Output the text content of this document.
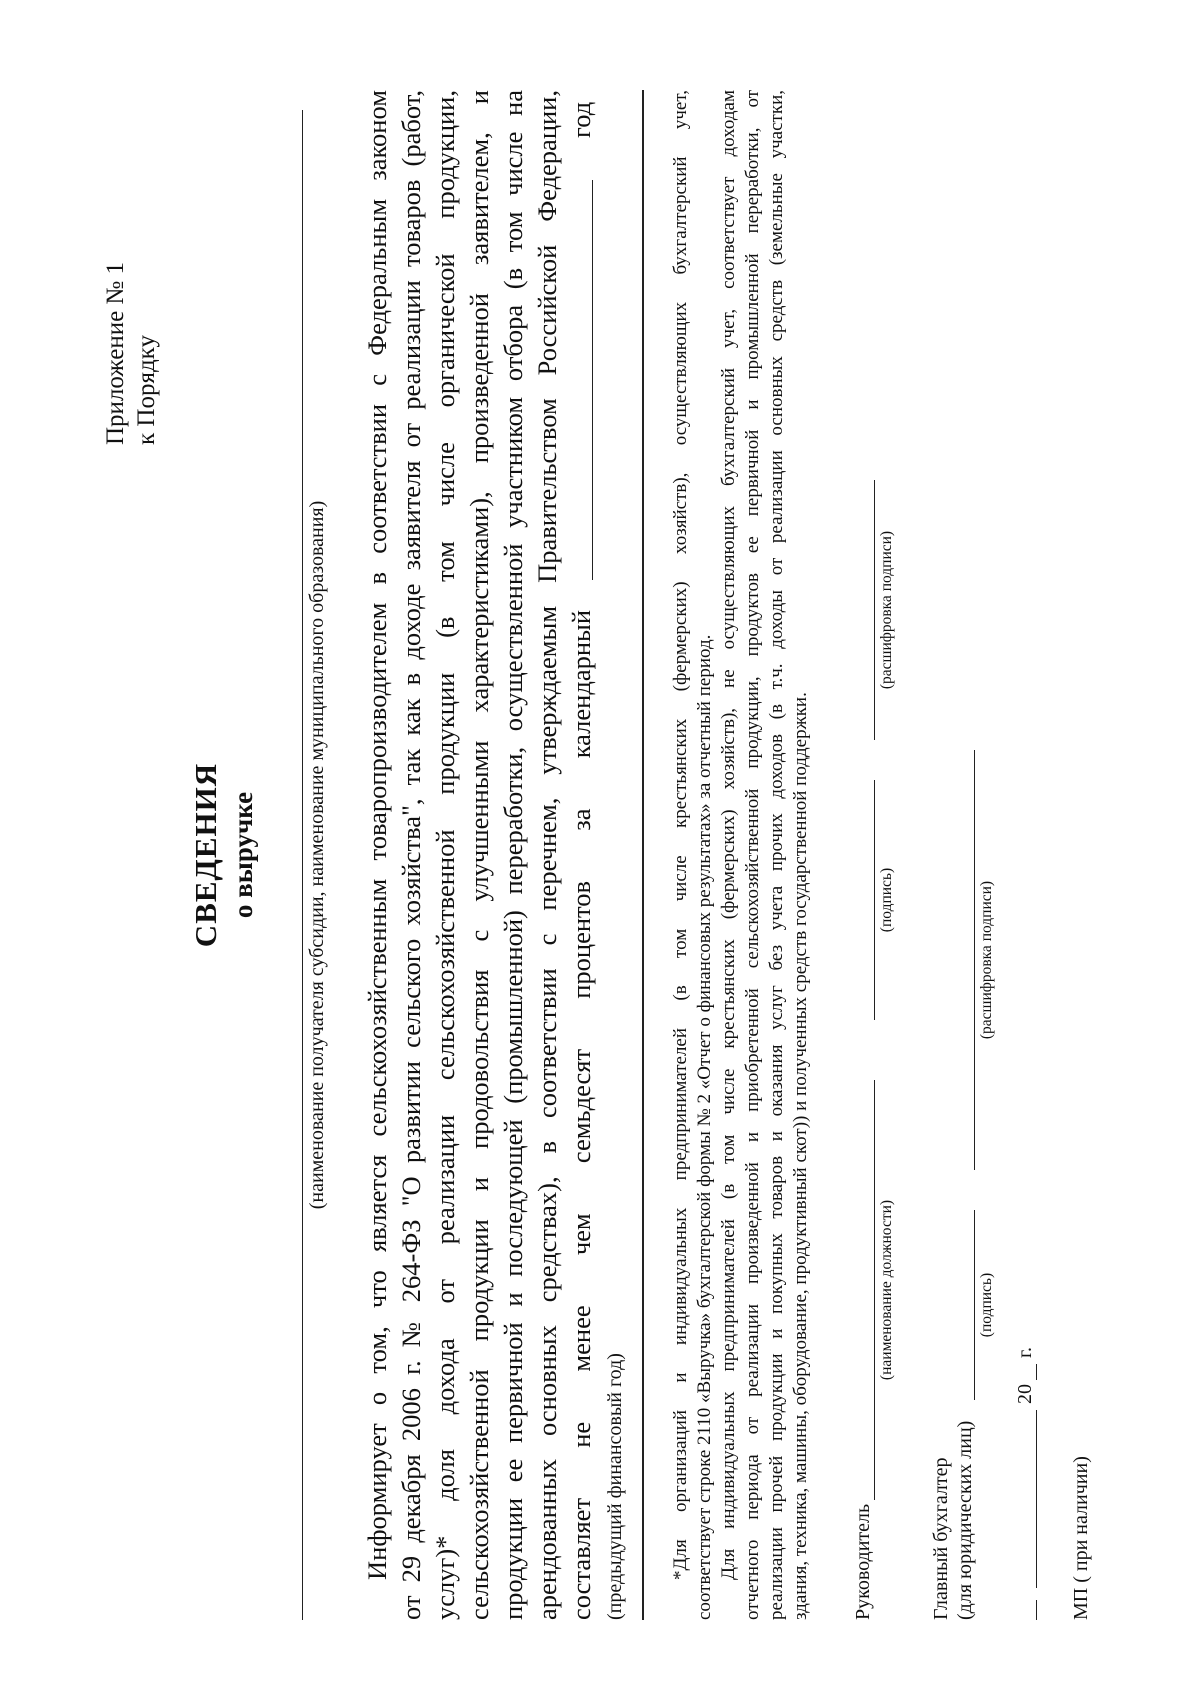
Приложение № 1 к Порядку
СВЕДЕНИЯ о выручке (наименование получателя субсидии, наименование муниципального образования) Информирует о том, что является сельскохозяйственным товаропроизводителем в соответствии с Федеральным законом от 29 декабря 2006 г. № 264-ФЗ "О развитии сельского хозяйства", так как в доходе заявителя от реализации товаров (работ, услуг)* доля дохода от реализации сельскохозяйственной продукции (в том числе органической продукции, сельскохозяйственной продукции и продовольствия с улучшенными характеристиками), произведенной заявителем, и продукции ее первичной и последующей (промышленной) переработки, осуществленной участником отбора (в том числе на арендованных основных средствах), в соответствии с перечнем, утверждаемым Правительством Российской Федерации, составляет не менее чем семьдесят процентов за календарный
год
(предыдущий финансовый год) *Для организаций и индивидуальных предпринимателей (в том числе крестьянских (фермерских) хозяйств), осуществляющих бухгалтерский учет, соответствует строке 2110 «Выручка» бухгалтерской формы № 2 «Отчет о финансовых результатах» за отчетный период. Для индивидуальных предпринимателей (в том числе крестьянских (фермерских) хозяйств), не осуществляющих бухгалтерский учет, соответствует доходам отчетного периода от реализации произведенной и приобретенной сельскохозяйственной продукции, продуктов ее первичной и промышленной переработки, от реализации прочей продукции и покупных товаров и оказания услуг без учета прочих доходов (в т.ч. доходы от реализации основных средств (земельные участки, здания, техника, машины, оборудование, продуктивный скот)) и полученных средств государственной поддержки. Руководитель
(наименование должности)
(подпись)
(расшифровка подписи)
Главный бухгалтер (для юридических лиц)
(подпись)
(расшифровка подписи)
20
г.
МП ( при наличии)
